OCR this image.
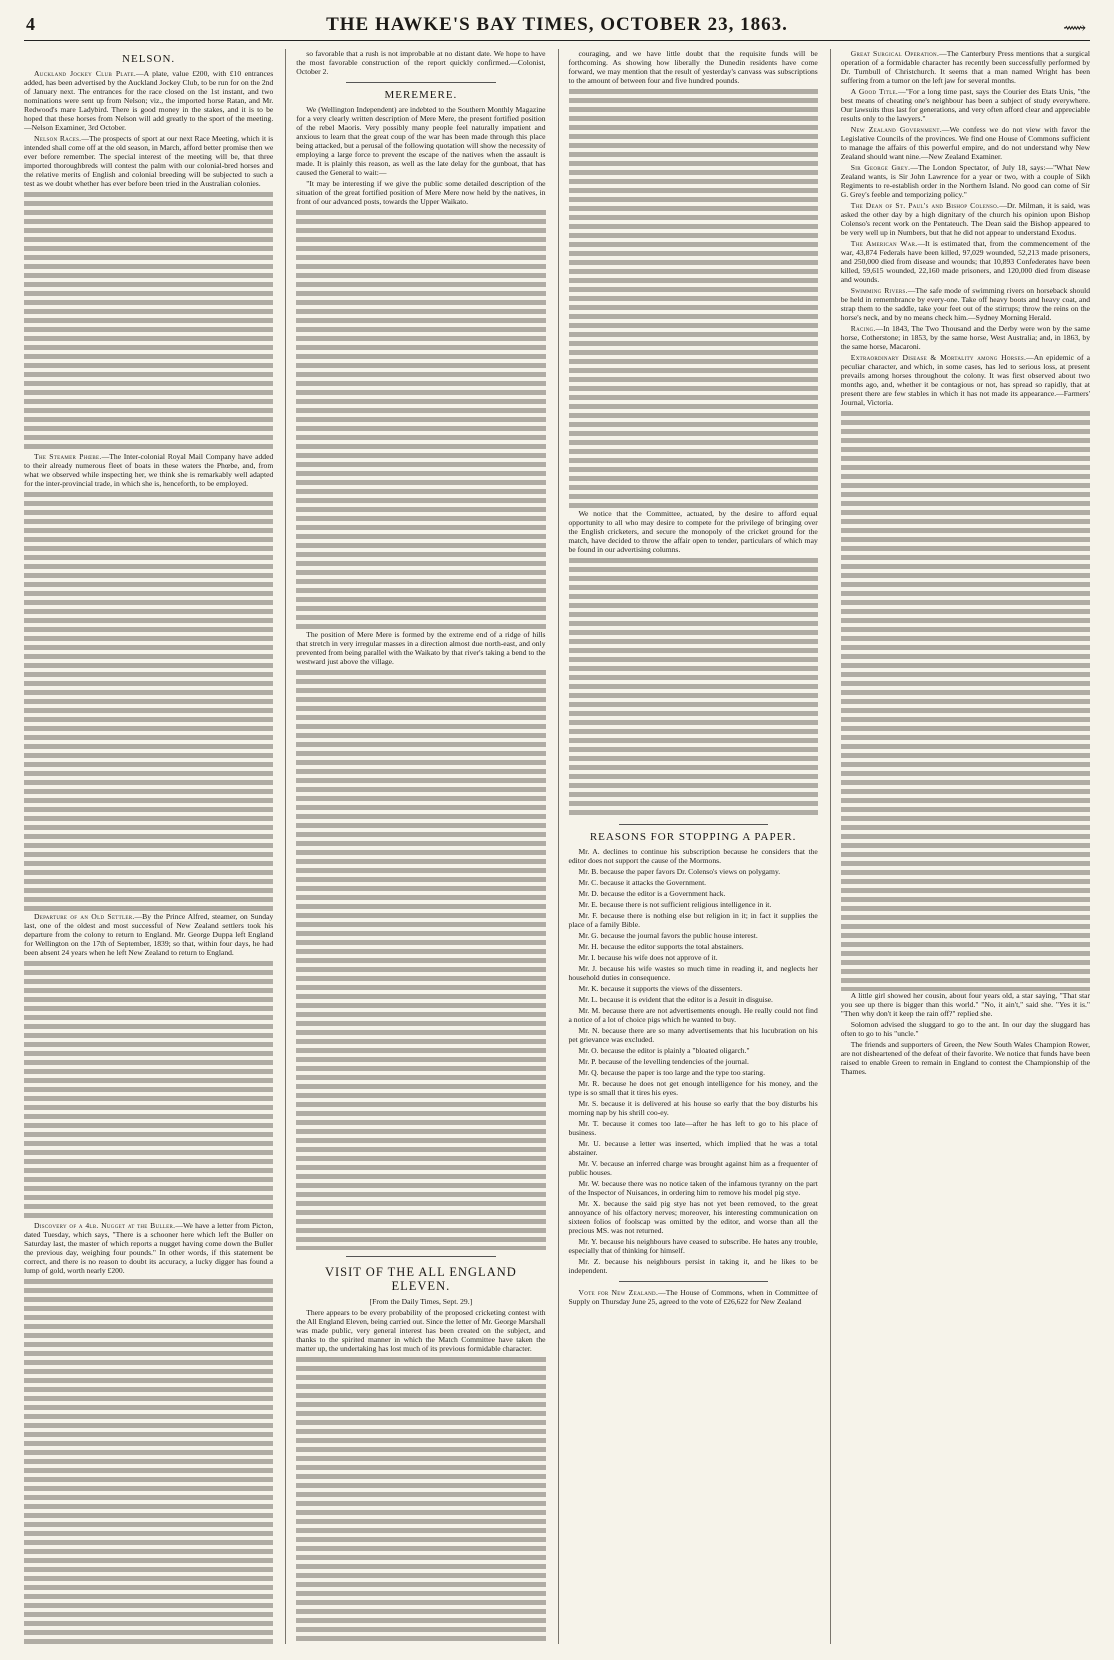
4	THE HAWKE'S BAY TIMES, OCTOBER 23, 1863.	⟿
NELSON.

Auckland Jockey Club Plate.—A plate, value £200, with £10 entrances added, has been advertised by the Auckland Jockey Club, to be run for on the 2nd of January next. The entrances for the race closed on the 1st instant, and two nominations were sent up from Nelson; viz., the imported horse Ratan, and Mr. Redwood's mare Ladybird. There is good money in the stakes, and it is to be hoped that these horses from Nelson will add greatly to the sport of the meeting.—Nelson Examiner, 3rd October.

Nelson Races.—The prospects of sport at our next Race Meeting, which it is intended shall come off at the old season, in March, afford better promise then we ever before remember. The special interest of the meeting will be, that three imported thoroughbreds will contest the palm with our colonial-bred horses and the relative merits of English and colonial breeding will be subjected to such a test as we doubt whether has ever before been tried in the Australian colonies.

The Steamer Phœbe.—The Inter-colonial Royal Mail Company have added to their already numerous fleet of boats in these waters the Phœbe, and, from what we observed while inspecting her, we think she is remarkably well adapted for the inter-provincial trade, in which she is, henceforth, to be employed.

Departure of an Old Settler.—By the Prince Alfred, steamer, on Sunday last, one of the oldest and most successful of New Zealand settlers took his departure from the colony to return to England. Mr. George Duppa left England for Wellington on the 17th of September, 1839; so that, within four days, he had been absent 24 years when he left New Zealand to return to England.

Discovery of a 4lb. Nugget at the Buller.—We have a letter from Picton, dated Tuesday, which says, "There is a schooner here which left the Buller on Saturday last, the master of which reports a nugget having come down the Buller the previous day, weighing four pounds." In other words, if this statement be correct, and there is no reason to doubt its accuracy, a lucky digger has found a lump of gold, worth nearly £200.

so favorable that a rush is not improbable at no distant date. We hope to have the most favorable construction of the report quickly confirmed.—Colonist, October 2.

MEREMERE.

We (Wellington Independent) are indebted to the Southern Monthly Magazine for a very clearly written description of Mere Mere, the present fortified position of the rebel Maoris. Very possibly many people feel naturally impatient and anxious to learn that the great coup of the war has been made through this place being attacked, but a perusal of the following quotation will show the necessity of employing a large force to prevent the escape of the natives when the assault is made. It is plainly this reason, as well as the late delay for the gunboat, that has caused the General to wait:—

"It may be interesting if we give the public some detailed description of the situation of the great fortified position of Mere Mere now held by the natives, in front of our advanced posts, towards the Upper Waikato.

The position of Mere Mere is formed by the extreme end of a ridge of hills that stretch in very irregular masses in a direction almost due north-east, and only prevented from being parallel with the Waikato by that river's taking a bend to the westward just above the village.

VISIT OF THE ALL ENGLAND ELEVEN.

[From the Daily Times, Sept. 29.]

There appears to be every probability of the proposed cricketing contest with the All England Eleven, being carried out. Since the letter of Mr. George Marshall was made public, very general interest has been created on the subject, and thanks to the spirited manner in which the Match Committee have taken the matter up, the undertaking has lost much of its previous formidable character.

couraging, and we have little doubt that the requisite funds will be forthcoming. As showing how liberally the Dunedin residents have come forward, we may mention that the result of yesterday's canvass was subscriptions to the amount of between four and five hundred pounds.

We notice that the Committee, actuated, by the desire to afford equal opportunity to all who may desire to compete for the privilege of bringing over the English cricketers, and secure the monopoly of the cricket ground for the match, have decided to throw the affair open to tender, particulars of which may be found in our advertising columns.

REASONS FOR STOPPING A PAPER.

Mr. A. declines to continue his subscription because he considers that the editor does not support the cause of the Mormons.

Mr. B. because the paper favors Dr. Colenso's views on polygamy.

Mr. C. because it attacks the Government.

Mr. D. because the editor is a Government hack.

Mr. E. because there is not sufficient religious intelligence in it.

Mr. F. because there is nothing else but religion in it; in fact it supplies the place of a family Bible.

Mr. G. because the journal favors the public house interest.

Mr. H. because the editor supports the total abstainers.

Mr. I. because his wife does not approve of it.

Mr. J. because his wife wastes so much time in reading it, and neglects her household duties in consequence.

Mr. K. because it supports the views of the dissenters.

Mr. L. because it is evident that the editor is a Jesuit in disguise.

Mr. M. because there are not advertisements enough. He really could not find a notice of a lot of choice pigs which he wanted to buy.

Mr. N. because there are so many advertisements that his lucubration on his pet grievance was excluded.

Mr. O. because the editor is plainly a "bloated oligarch."

Mr. P. because of the levelling tendencies of the journal.

Mr. Q. because the paper is too large and the type too staring.

Mr. R. because he does not get enough intelligence for his money, and the type is so small that it tires his eyes.

Mr. S. because it is delivered at his house so early that the boy disturbs his morning nap by his shrill coo-ey.

Mr. T. because it comes too late—after he has left to go to his place of business.

Mr. U. because a letter was inserted, which implied that he was a total abstainer.

Mr. V. because an inferred charge was brought against him as a frequenter of public houses.

Mr. W. because there was no notice taken of the infamous tyranny on the part of the Inspector of Nuisances, in ordering him to remove his model pig stye.

Mr. X. because the said pig stye has not yet been removed, to the great annoyance of his olfactory nerves; moreover, his interesting communication on sixteen folios of foolscap was omitted by the editor, and worse than all the precious MS. was not returned.

Mr. Y. because his neighbours have ceased to subscribe. He hates any trouble, especially that of thinking for himself.

Mr. Z. because his neighbours persist in taking it, and he likes to be independent.

Vote for New Zealand.—The House of Commons, when in Committee of Supply on Thursday June 25, agreed to the vote of £26,622 for New Zealand

Great Surgical Operation.—The Canterbury Press mentions that a surgical operation of a formidable character has recently been successfully performed by Dr. Turnbull of Christchurch. It seems that a man named Wright has been suffering from a tumor on the left jaw for several months.

A Good Title.—"For a long time past, says the Courier des Etats Unis, "the best means of cheating one's neighbour has been a subject of study everywhere. Our lawsuits thus last for generations, and very often afford clear and appreciable results only to the lawyers."

New Zealand Government.—We confess we do not view with favor the Legislative Councils of the provinces. We find one House of Commons sufficient to manage the affairs of this powerful empire, and do not understand why New Zealand should want nine.—New Zealand Examiner.

Sir George Grey.—The London Spectator, of July 18, says:—"What New Zealand wants, is Sir John Lawrence for a year or two, with a couple of Sikh Regiments to re-establish order in the Northern Island. No good can come of Sir G. Grey's feeble and temporizing policy."

The Dean of St. Paul's and Bishop Colenso.—Dr. Milman, it is said, was asked the other day by a high dignitary of the church his opinion upon Bishop Colenso's recent work on the Pentateuch. The Dean said the Bishop appeared to be very well up in Numbers, but that he did not appear to understand Exodus.

The American War.—It is estimated that, from the commencement of the war, 43,874 Federals have been killed, 97,029 wounded, 52,213 made prisoners, and 250,000 died from disease and wounds; that 10,893 Confederates have been killed, 59,615 wounded, 22,160 made prisoners, and 120,000 died from disease and wounds.

Swimming Rivers.—The safe mode of swimming rivers on horseback should be held in remembrance by every-one. Take off heavy boots and heavy coat, and strap them to the saddle, take your feet out of the stirrups; throw the reins on the horse's neck, and by no means check him.—Sydney Morning Herald.

Racing.—In 1843, The Two Thousand and the Derby were won by the same horse, Cotherstone; in 1853, by the same horse, West Australia; and, in 1863, by the same horse, Macaroni.

Extraordinary Disease & Mortality among Horses.—An epidemic of a peculiar character, and which, in some cases, has led to serious loss, at present prevails among horses throughout the colony. It was first observed about two months ago, and, whether it be contagious or not, has spread so rapidly, that at present there are few stables in which it has not made its appearance.—Farmers' Journal, Victoria.

A little girl showed her cousin, about four years old, a star saying, "That star you see up there is bigger than this world." "No, it ain't," said she. "Yes it is." "Then why don't it keep the rain off?" replied she.

Solomon advised the sluggard to go to the ant. In our day the sluggard has often to go to his "uncle."

The friends and supporters of Green, the New South Wales Champion Rower, are not disheartened of the defeat of their favorite. We notice that funds have been raised to enable Green to remain in England to contest the Championship of the Thames.
